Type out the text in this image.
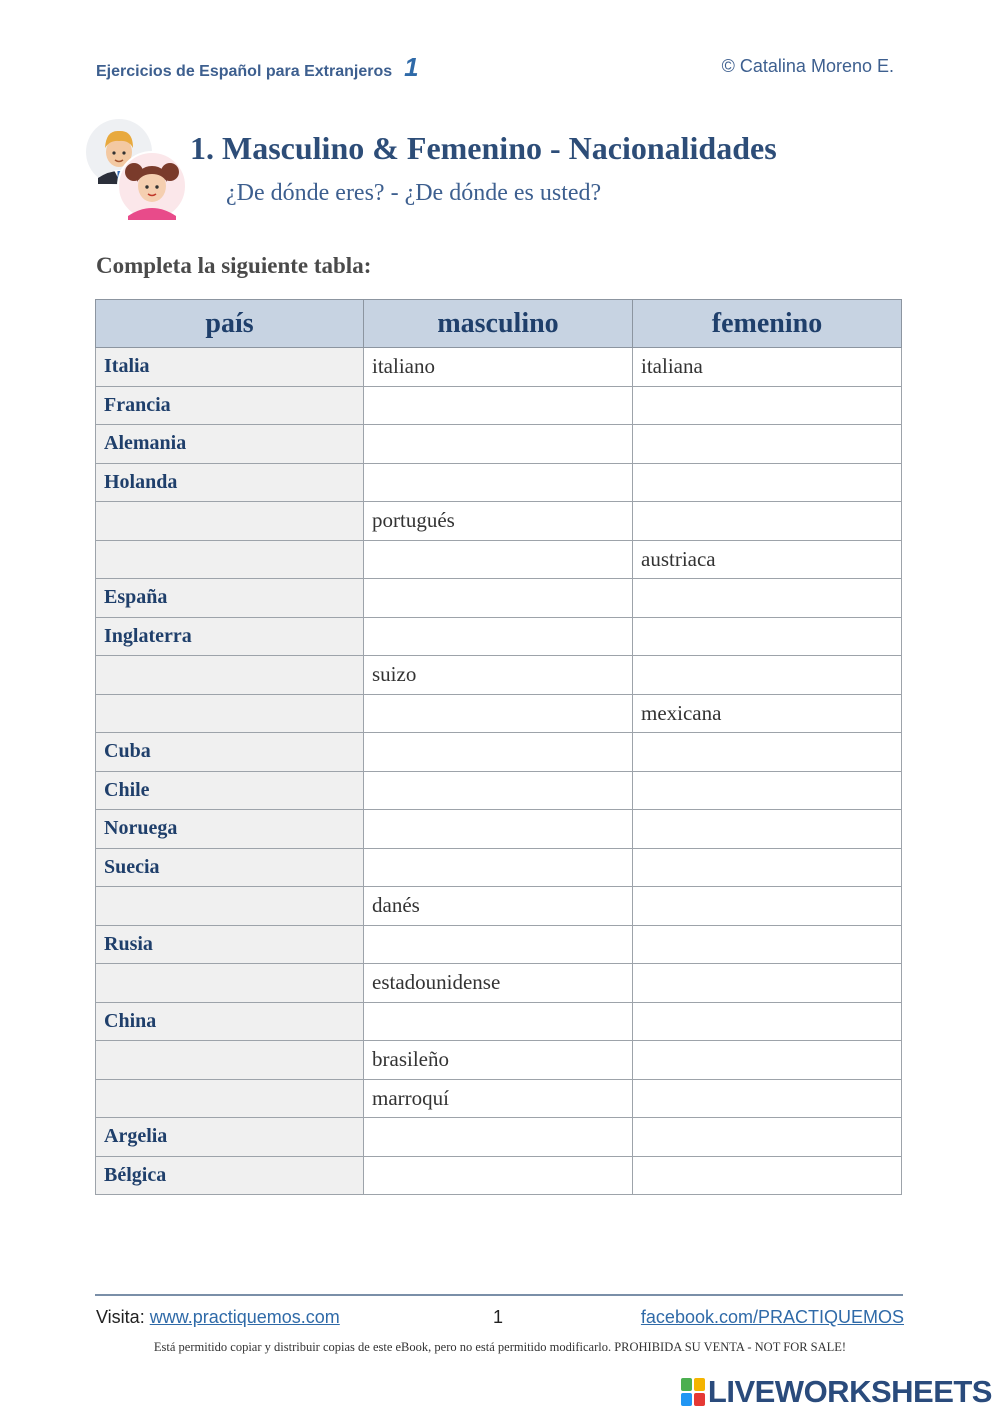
Ejercicios de Español para Extranjeros 1	© Catalina Moreno E.
1. Masculino & Femenino - Nacionalidades
¿De dónde eres? - ¿De dónde es usted?
Completa la siguiente tabla:
país	masculino	femenino
Italia	italiano	italiana
Francia		
Alemania		
Holanda		
	portugués	
		austriaca
España		
Inglaterra		
	suizo	
		mexicana
Cuba		
Chile		
Noruega		
Suecia		
	danés	
Rusia		
	estadounidense	
China		
	brasileño	
	marroquí	
Argelia		
Bélgica		
Visita: www.practiquemos.com	1	facebook.com/PRACTIQUEMOS
Está permitido copiar y distribuir copias de este eBook, pero no está permitido modificarlo. PROHIBIDA SU VENTA - NOT FOR SALE!
LIVEWORKSHEETS
